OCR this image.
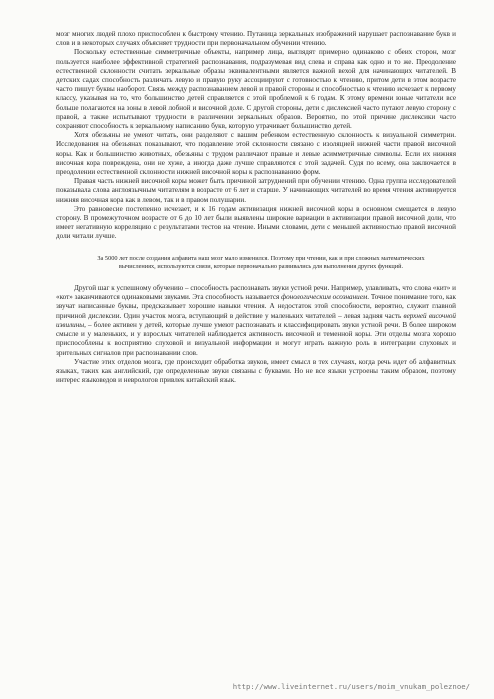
мозг многих людей плохо приспособлен к быстрому чтению. Путаница зеркальных изображений нарушает распознавание букв и слов и в некоторых случаях объясняет трудности при первоначальном обучении чтению.

Поскольку естественные симметричные объекты, например лица, выглядят примерно одинаково с обеих сторон, мозг пользуется наиболее эффективной стратегией распознавания, подразумевая вид слева и справа как одно и то же. Преодоление естественной склонности считать зеркальные образы эквивалентными является важной вехой для начинающих читателей. В детских садах способность различать левую и правую руку ассоциируют с готовностью к чтению, притом дети в этом возрасте часто пишут буквы наоборот. Связь между распознаванием левой и правой стороны и способностью к чтению исчезает к первому классу, указывая на то, что большинство детей справляется с этой проблемой к 6 годам. К этому времени юные читатели все больше полагаются на зоны в левой лобной и височной доле. С другой стороны, дети с дислексией часто путают левую сторону с правой, а также испытывают трудности в различении зеркальных образов. Вероятно, по этой причине дислексики часто сохраняют способность к зеркальному написанию букв, которую утрачивает большинство детей.

Хотя обезьяны не умеют читать, они разделяют с вашим ребенком естественную склонность к визуальной симметрии. Исследования на обезьянах показывают, что подавление этой склонности связано с изоляцией нижней части правой височной коры. Как и большинство животных, обезьяны с трудом различают правые и левые асимметричные символы. Если их нижняя височная кора повреждена, они не хуже, а иногда даже лучше справляются с этой задачей. Судя по всему, она заключается в преодолении естественной склонности нижней височной коры к распознаванию форм.

Правая часть нижней височной коры может быть причиной затруднений при обучении чтению. Одна группа исследователей показывала слова англоязычным читателям в возрасте от 6 лет и старше. У начинающих читателей во время чтения активируется нижняя височная кора как в левом, так и в правом полушарии.

Это равновесие постепенно исчезает, и к 16 годам активизация нижней височной коры в основном смещается в левую сторону. В промежуточном возрасте от 6 до 10 лет были выявлены широкие вариации в активизации правой височной доли, что имеет негативную корреляцию с результатами тестов на чтение. Иными словами, дети с меньшей активностью правой височной доли читали лучше.

За 5000 лет после создания алфавита наш мозг мало изменился. Поэтому при чтении, как и при сложных математических вычислениях, используются связи, которые первоначально развивались для выполнения других функций.

Другой шаг к успешному обучению – способность распознавать звуки устной речи. Например, улавливать, что слова «кит» и «кот» заканчиваются одинаковыми звуками. Эта способность называется фонологическим осознанием. Точное понимание того, как звучат написанные буквы, предсказывает хорошие навыки чтения. А недостаток этой способности, вероятно, служит главной причиной дислексии. Один участок мозга, вступающий в действие у маленьких читателей – левая задняя часть верхней височной извилины, – более активен у детей, которые лучше умеют распознавать и классифицировать звуки устной речи. В более широком смысле и у маленьких, и у взрослых читателей наблюдается активность височной и теменной коры. Эти отделы мозга хорошо приспособлены к восприятию слуховой и визуальной информации и могут играть важную роль в интеграции слуховых и зрительных сигналов при распознавании слов.

Участие этих отделов мозга, где происходит обработка звуков, имеет смысл в тех случаях, когда речь идет об алфавитных языках, таких как английский, где определенные звуки связаны с буквами. Но не все языки устроены таким образом, поэтому интерес языковедов и неврологов привлек китайский язык.

http://www.liveinternet.ru/users/moim_vnukam_poleznoe/
